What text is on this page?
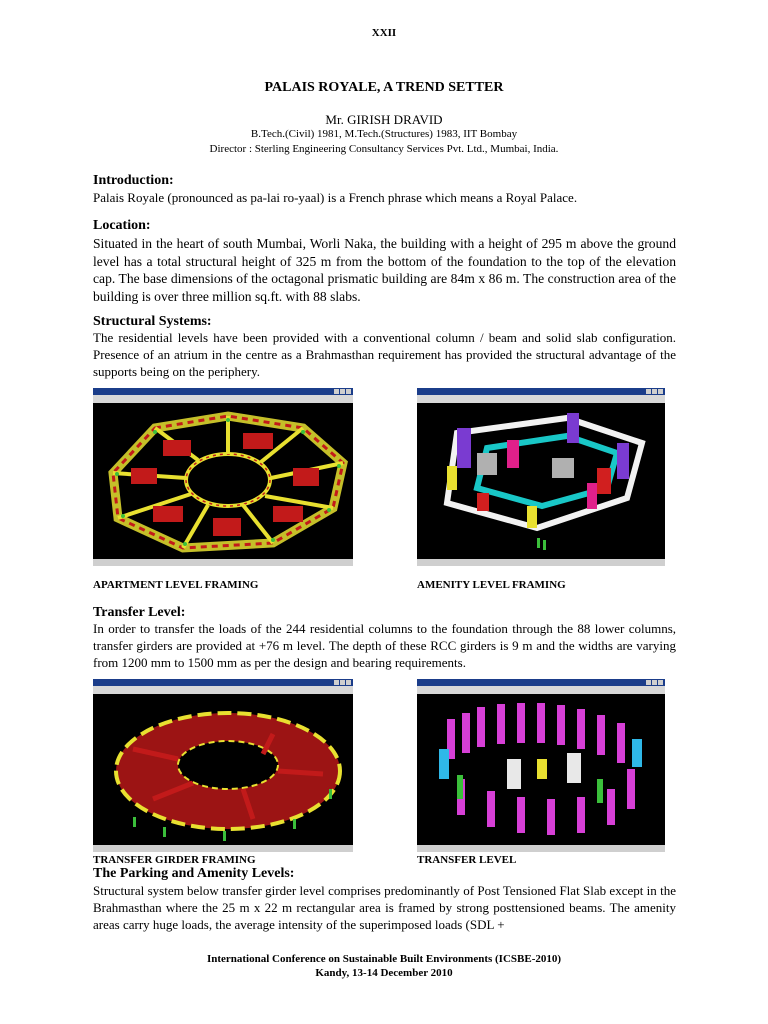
XXII
PALAIS ROYALE, A TREND SETTER
Mr. GIRISH DRAVID
B.Tech.(Civil) 1981, M.Tech.(Structures) 1983, IIT Bombay
Director : Sterling Engineering Consultancy Services Pvt. Ltd., Mumbai, India.
Introduction:
Palais Royale (pronounced as pa-lai ro-yaal) is a French phrase which means a Royal Palace.
Location:
Situated in the heart of south Mumbai, Worli Naka, the building with a height of 295 m above the ground level has a total structural height of 325 m from the bottom of the foundation to the top of the elevation cap. The base dimensions of the octagonal prismatic building are 84m x 86 m. The construction area of the building is over three million sq.ft. with 88 slabs.
Structural Systems:
The residential levels have been provided with a conventional column / beam and solid slab configuration. Presence of an atrium in the centre as a Brahmasthan requirement has provided the structural advantage of the supports being on the periphery.
APARTMENT LEVEL FRAMING	AMENITY LEVEL FRAMING
Transfer Level:
In order to transfer the loads of the 244 residential columns to the foundation through the 88 lower columns, transfer girders are provided at +76 m level. The depth of these RCC girders is 9 m and the widths are varying from 1200 mm to 1500 mm as per the design and bearing requirements.
TRANSFER GIRDER FRAMING	TRANSFER LEVEL
The Parking and Amenity Levels:
Structural system below transfer girder level comprises predominantly of Post Tensioned Flat Slab except in the Brahmasthan where the 25 m x 22 m rectangular area is framed by strong posttensioned beams. The amenity areas carry huge loads, the average intensity of the superimposed loads (SDL +
International Conference on Sustainable Built Environments (ICSBE-2010)
Kandy, 13-14 December 2010
